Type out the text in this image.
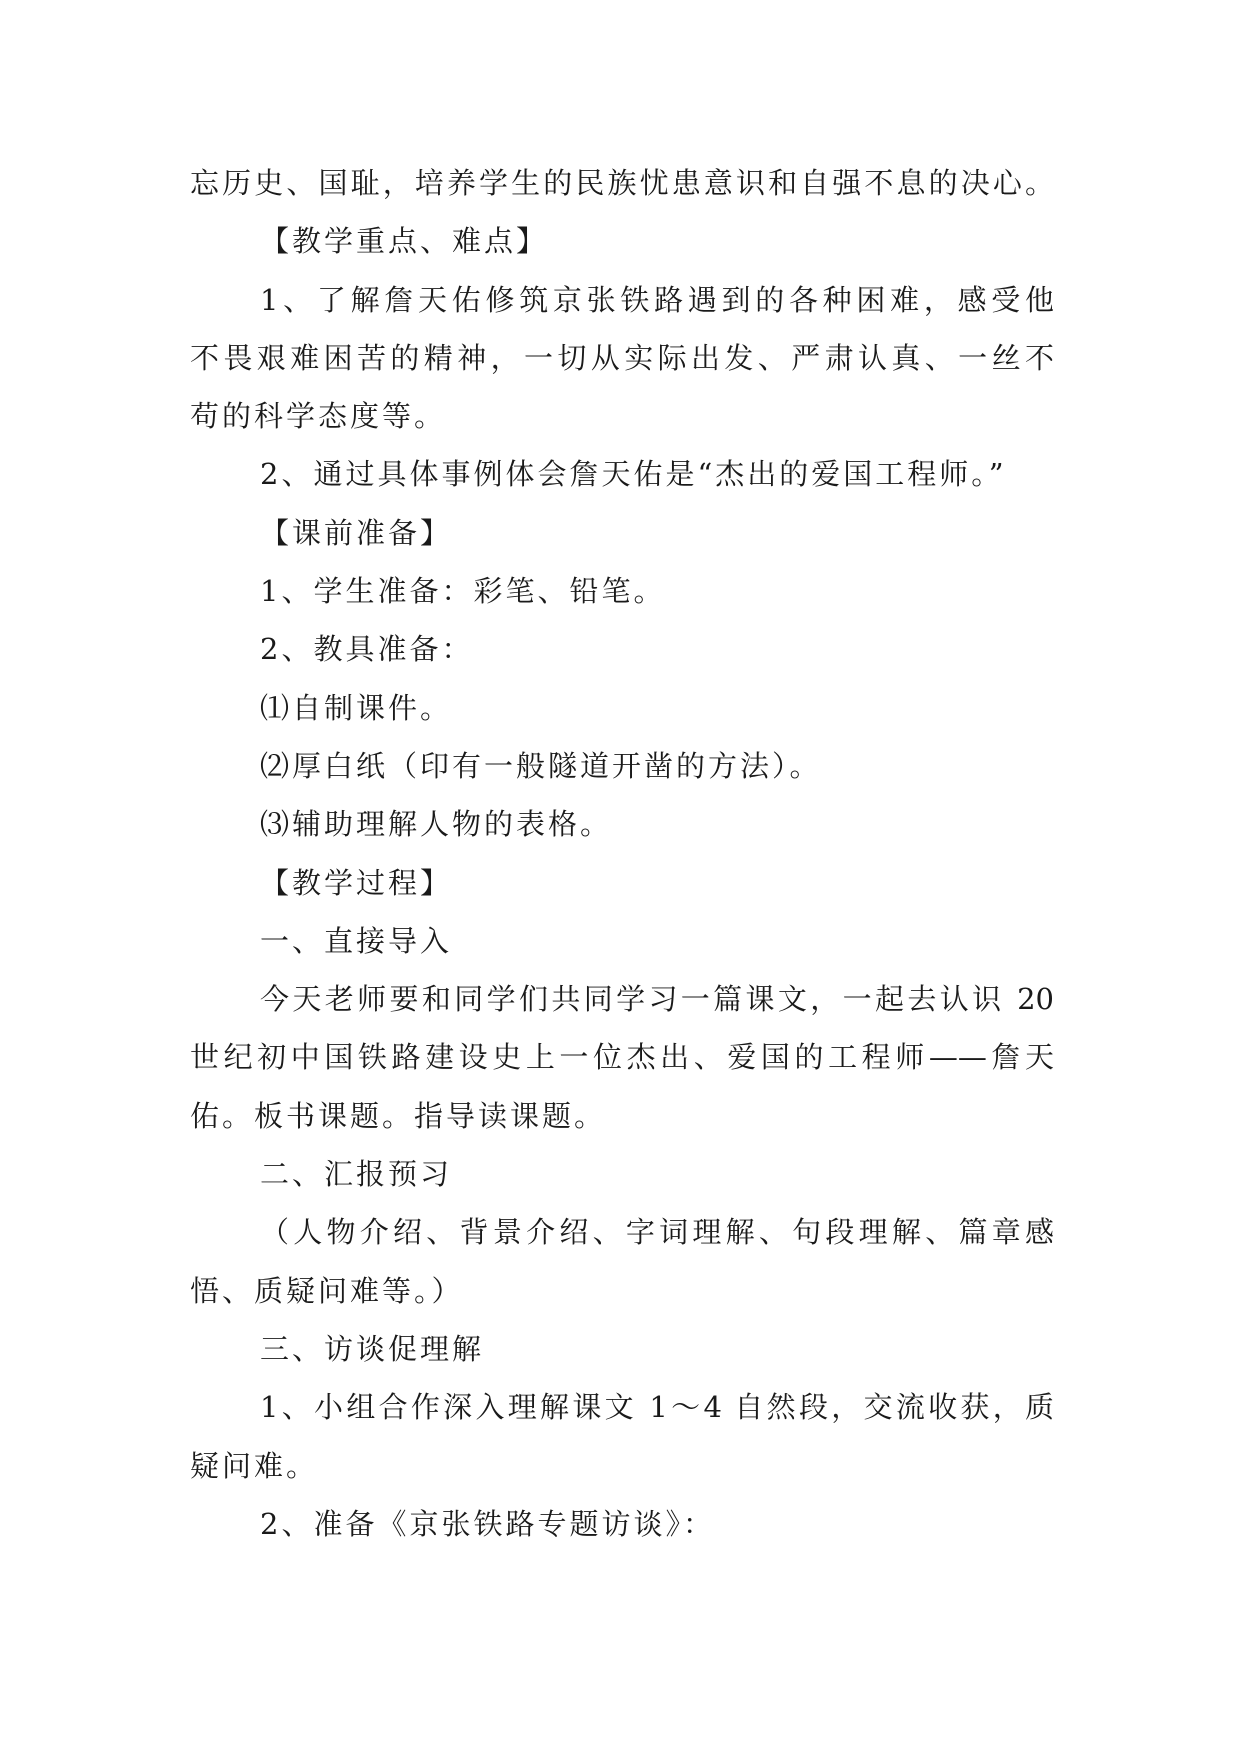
忘历史、国耻，培养学生的民族忧患意识和自强不息的决心。
【教学重点、难点】
1、了解詹天佑修筑京张铁路遇到的各种困难，感受他
不畏艰难困苦的精神，一切从实际出发、严肃认真、一丝不
苟的科学态度等。
2、通过具体事例体会詹天佑是“杰出的爱国工程师。”
【课前准备】
1、学生准备：彩笔、铅笔。
2、教具准备：
⑴自制课件。
⑵厚白纸（印有一般隧道开凿的方法）。
⑶辅助理解人物的表格。
【教学过程】
一、直接导入
今天老师要和同学们共同学习一篇课文，一起去认识 20
世纪初中国铁路建设史上一位杰出、爱国的工程师——詹天
佑。板书课题。指导读课题。
二、汇报预习
（人物介绍、背景介绍、字词理解、句段理解、篇章感
悟、质疑问难等。）
三、访谈促理解
1、小组合作深入理解课文 1～4 自然段，交流收获，质
疑问难。
2、准备《京张铁路专题访谈》：
